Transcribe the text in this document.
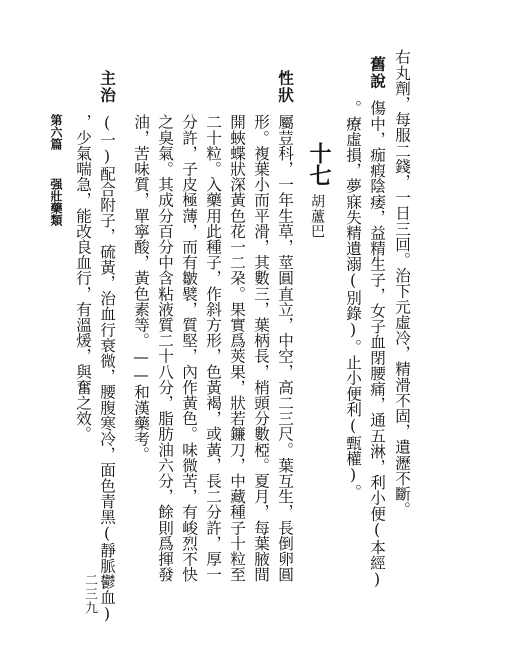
右丸劑，每服二錢，一日三回。治下元虛冷，精滑不固，遺瀝不斷。
舊說
傷中，痂瘕陰痿，益精生子，女子血閉腰痛，通五淋，利小便(本經)
。療虛損，夢寐失精遺溺(別錄)。止小便利(甄權)。
十七
胡蘆巴
性狀
屬荳科，一年生草，莖圓直立，中空，高二三尺。葉互生，長倒卵圓
形。複葉小而平滑，其數三，葉柄長，梢頭分數椏。夏月，每葉腋間
開蛺蝶狀深黃色花一二朶。果實爲莢果，狀若鐮刀，中藏種子十粒至
二十粒。入藥用此種子，作斜方形，色黃褐，或黃，長二分許，厚一
分許，子皮極薄，而有皺襞，質堅，內作黃色。味微苦，有峻烈不快
之臭氣。其成分百分中含粘液質二十八分，脂肪油六分，餘則爲揮發
油，苦味質，單寧酸，黃色素等。——和漢藥考。
主治
(一)配合附子，硫黃，治血行衰微，腰腹寒冷，面色青黑(靜脈鬱血)
，少氣喘急，能改良血行，有溫煖，與奮之效。
二三九
第六篇
强壯藥類
